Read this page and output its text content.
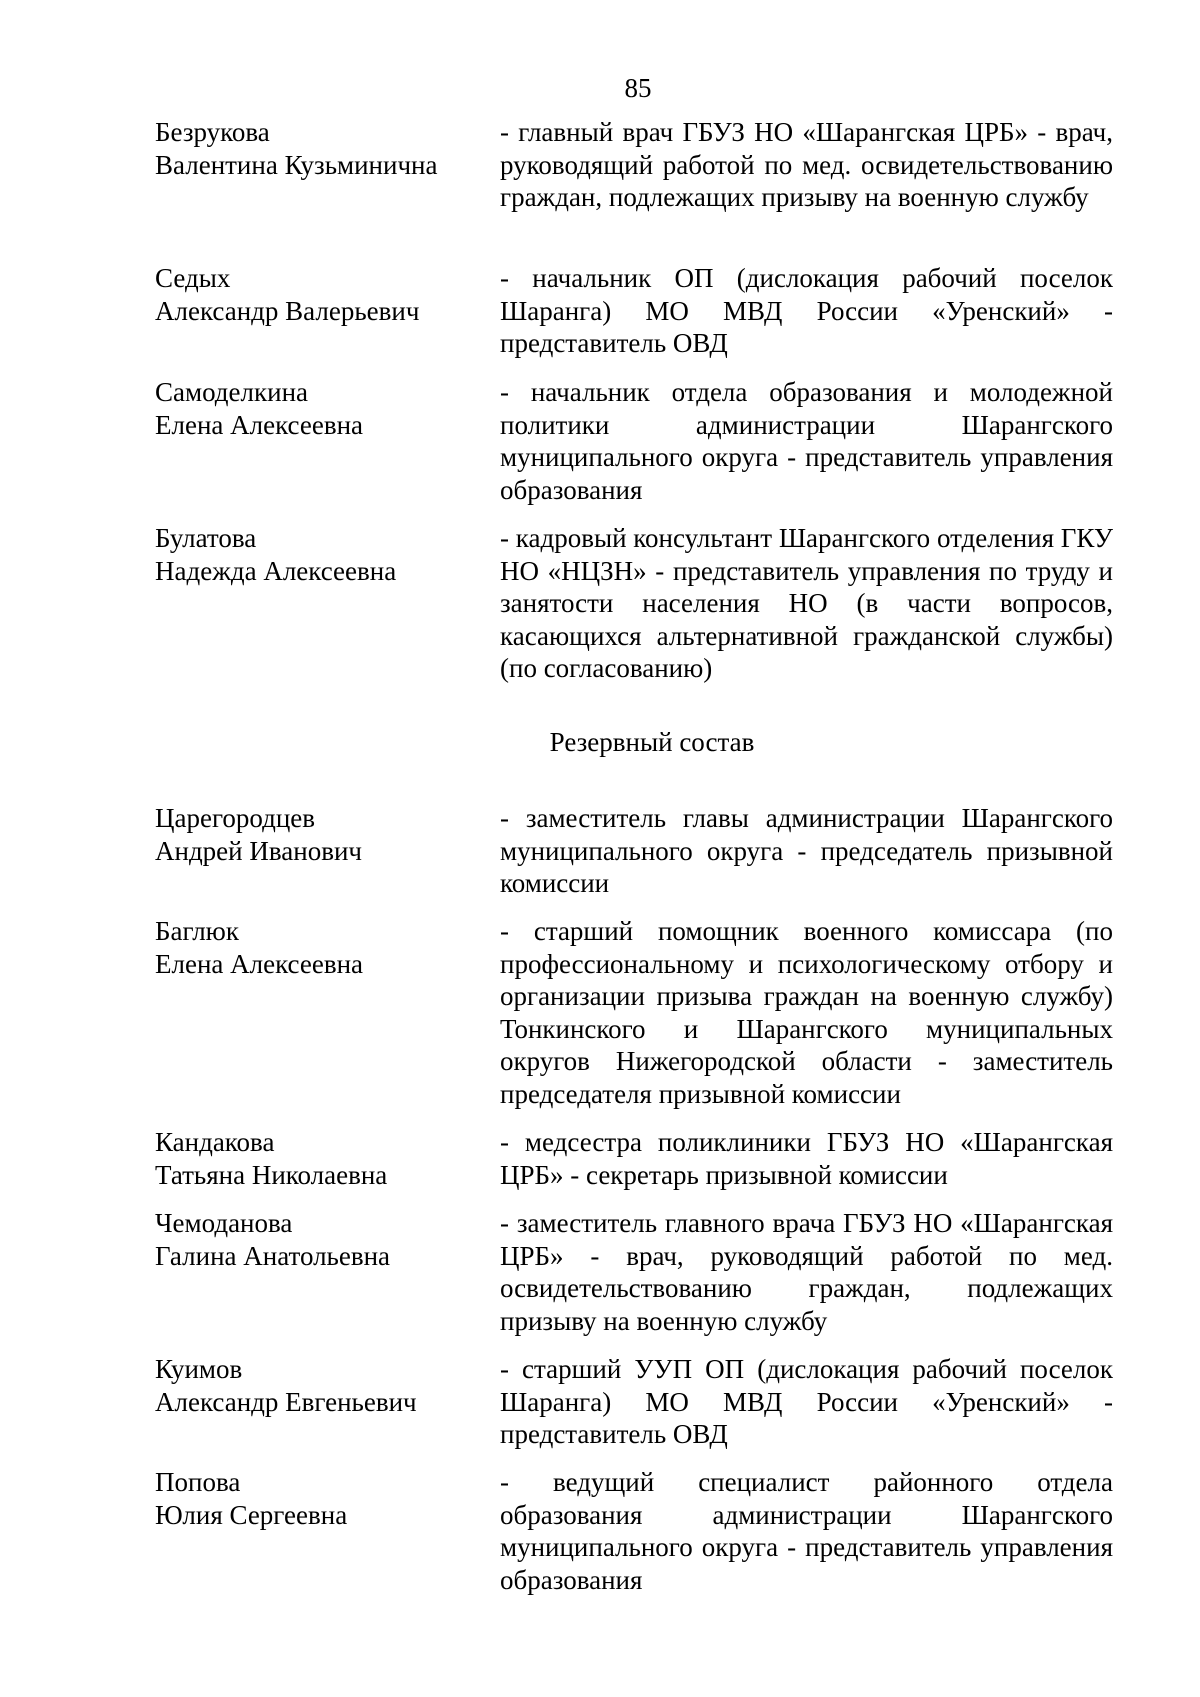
85
Безрукова
Валентина Кузьминична
- главный врач ГБУЗ НО «Шарангская ЦРБ» - врач, руководящий работой по мед. освидетельствованию граждан, подлежащих призыву на военную службу
Седых
Александр Валерьевич
- начальник ОП (дислокация рабочий поселок Шаранга) МО МВД России «Уренский» - представитель ОВД
Самоделкина
Елена Алексеевна
- начальник отдела образования и молодежной политики администрации Шарангского муниципального округа - представитель управления образования
Булатова
Надежда Алексеевна
- кадровый консультант Шарангского отделения ГКУ НО «НЦЗН» - представитель управления по труду и занятости населения НО (в части вопросов, касающихся альтернативной гражданской службы) (по согласованию)
Резервный состав
Царегородцев
Андрей Иванович
- заместитель главы администрации Шарангского муниципального округа - председатель призывной комиссии
Баглюк
Елена Алексеевна
- старший помощник военного комиссара (по профессиональному и психологическому отбору и организации призыва граждан на военную службу) Тонкинского и Шарангского муниципальных округов Нижегородской области - заместитель председателя призывной комиссии
Кандакова
Татьяна Николаевна
- медсестра поликлиники ГБУЗ НО «Шарангская ЦРБ» - секретарь призывной комиссии
Чемоданова
Галина Анатольевна
- заместитель главного врача ГБУЗ НО «Шарангская ЦРБ» - врач, руководящий работой по мед. освидетельствованию граждан, подлежащих призыву на военную службу
Куимов
Александр Евгеньевич
- старший УУП ОП (дислокация рабочий поселок Шаранга) МО МВД России «Уренский» - представитель ОВД
Попова
Юлия Сергеевна
- ведущий специалист районного отдела образования администрации Шарангского муниципального округа - представитель управления образования
